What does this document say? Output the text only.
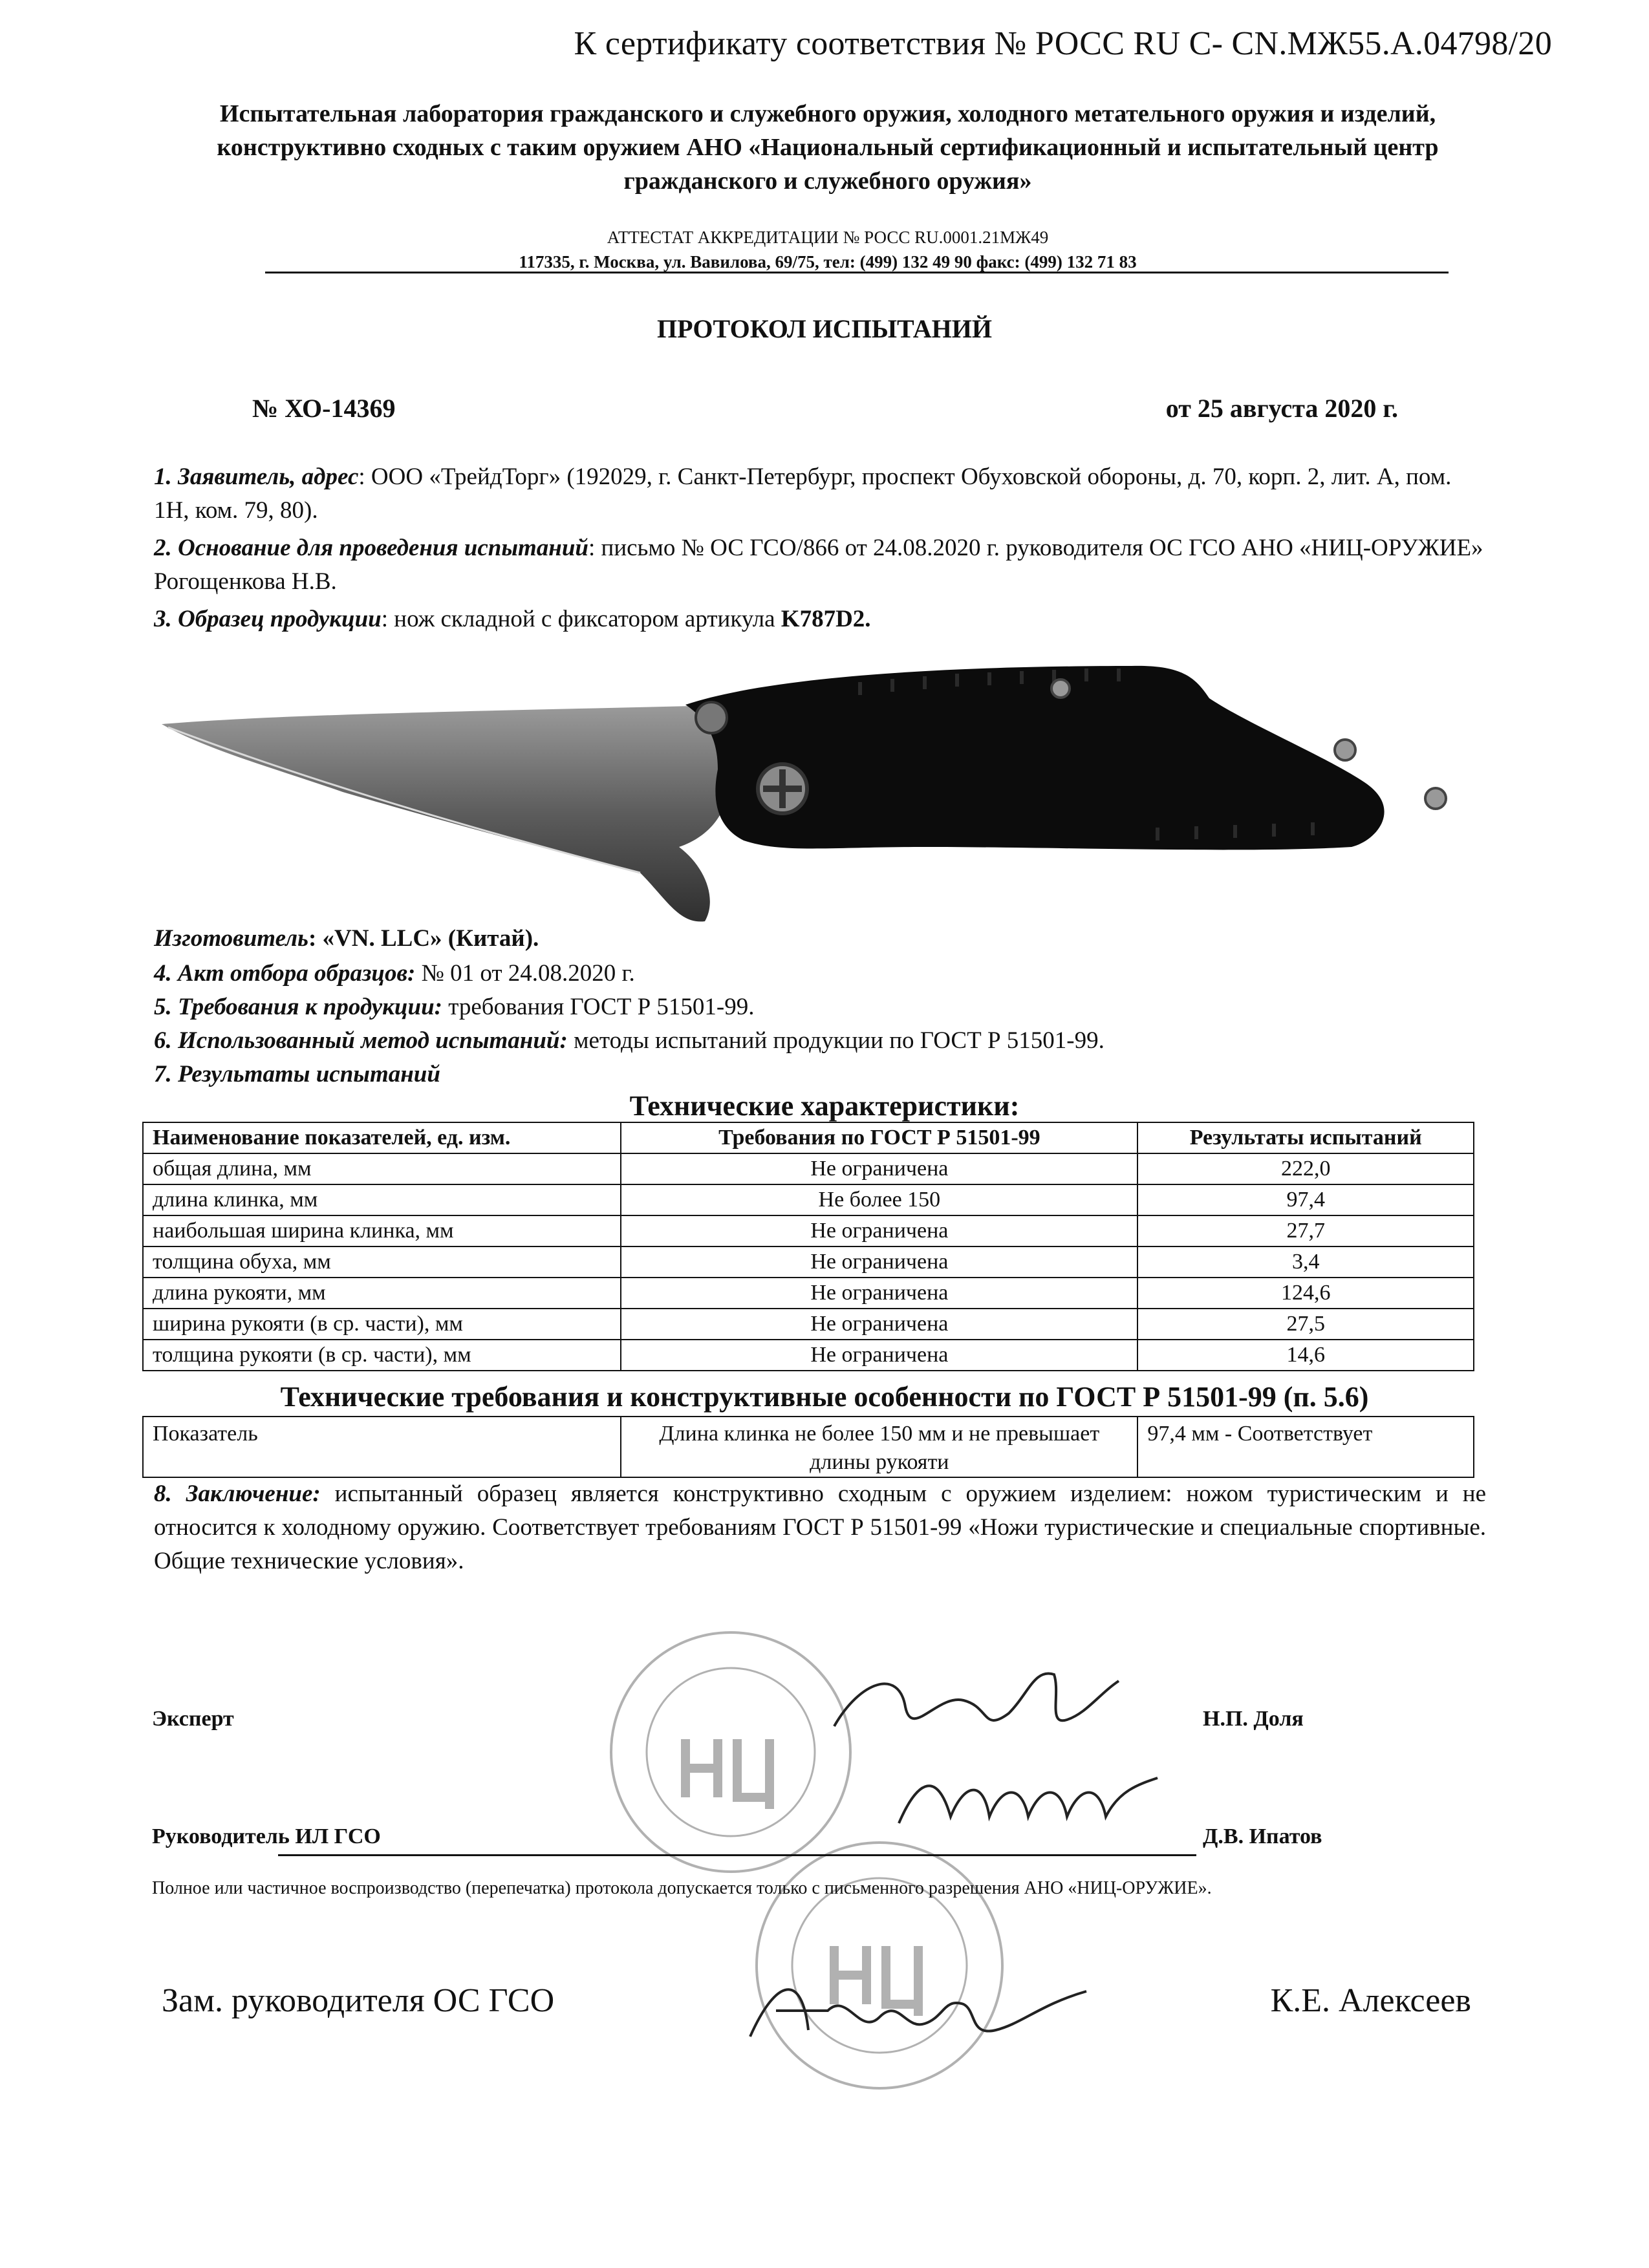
К сертификату соответствия № РОСС RU C- CN.МЖ55.A.04798/20
Испытательная лаборатория гражданского и служебного оружия, холодного метательного оружия и изделий, конструктивно сходных с таким оружием АНО «Национальный сертификационный и испытательный центр гражданского и служебного оружия»
АТТЕСТАТ АККРЕДИТАЦИИ № РОСС RU.0001.21МЖ49
117335, г. Москва, ул. Вавилова, 69/75, тел: (499) 132 49 90 факс: (499) 132 71 83
ПРОТОКОЛ ИСПЫТАНИЙ
№ ХО-14369	от 25 августа 2020 г.
1. Заявитель, адрес: ООО «ТрейдТорг» (192029, г. Санкт-Петербург, проспект Обуховской обороны, д. 70, корп. 2, лит. А, пом. 1Н, ком. 79, 80).
2. Основание для проведения испытаний: письмо № ОС ГСО/866 от 24.08.2020 г. руководителя ОС ГСО АНО «НИЦ-ОРУЖИЕ» Рогощенкова Н.В.
3. Образец продукции: нож складной с фиксатором артикула K787D2.
Изготовитель: «VN. LLC» (Китай).
4. Акт отбора образцов: № 01 от 24.08.2020 г.
5. Требования к продукции: требования ГОСТ Р 51501-99.
6. Использованный метод испытаний: методы испытаний продукции по ГОСТ Р 51501-99.
7. Результаты испытаний
Технические характеристики:
Наименование показателей, ед. изм.	Требования по ГОСТ Р 51501-99	Результаты испытаний
общая длина, мм	Не ограничена	222,0
длина клинка, мм	Не более 150	97,4
наибольшая ширина клинка, мм	Не ограничена	27,7
толщина обуха, мм	Не ограничена	3,4
длина рукояти, мм	Не ограничена	124,6
ширина рукояти (в ср. части), мм	Не ограничена	27,5
толщина рукояти (в ср. части), мм	Не ограничена	14,6
Технические требования и конструктивные особенности по ГОСТ Р 51501-99 (п. 5.6)
Показатель	Длина клинка не более 150 мм и не превышает длины рукояти	97,4 мм - Соответствует
8. Заключение: испытанный образец является конструктивно сходным с оружием изделием: ножом туристическим и не относится к холодному оружию. Соответствует требованиям ГОСТ Р 51501-99 «Ножи туристические и специальные спортивные. Общие технические условия».
Эксперт	Н.П. Доля
Руководитель ИЛ ГСО	Д.В. Ипатов
Полное или частичное воспроизводство (перепечатка) протокола допускается только с письменного разрешения АНО «НИЦ-ОРУЖИЕ».
Зам. руководителя ОС ГСО	К.Е. Алексеев
